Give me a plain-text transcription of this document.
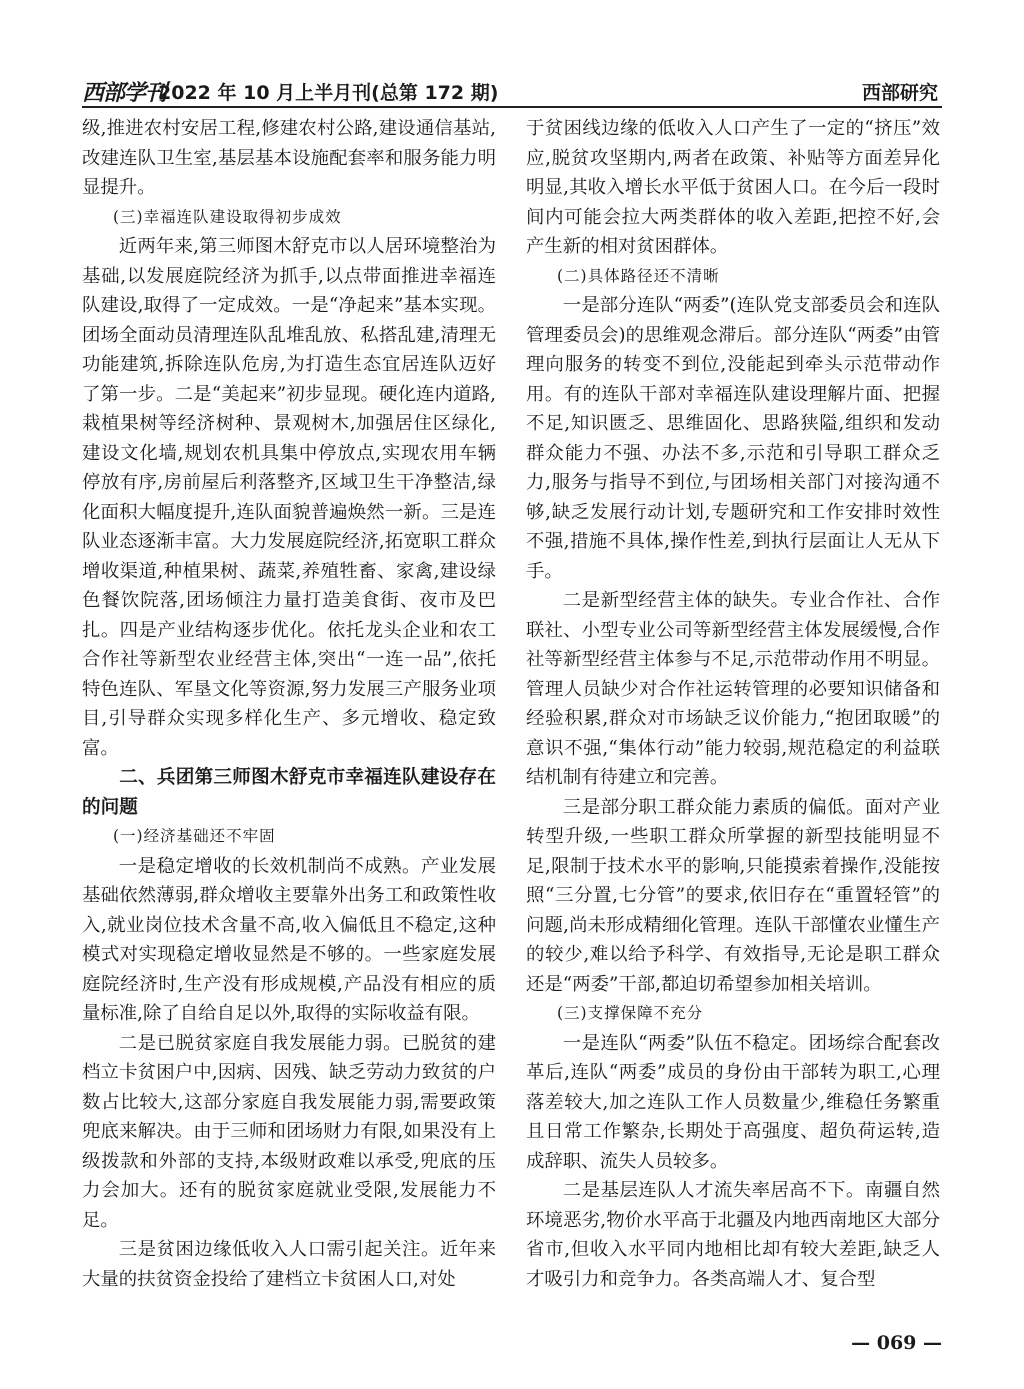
西部学刊
2022 年 10 月上半月刊(总第 172 期)	西部研究

级,推进农村安居工程,修建农村公路,建设通信基站,改建连队卫生室,基层基本设施配套率和服务能力明显提升。

(三)幸福连队建设取得初步成效

近两年来,第三师图木舒克市以人居环境整治为基础,以发展庭院经济为抓手,以点带面推进幸福连队建设,取得了一定成效。一是“净起来”基本实现。团场全面动员清理连队乱堆乱放、私搭乱建,清理无功能建筑,拆除连队危房,为打造生态宜居连队迈好了第一步。二是“美起来”初步显现。硬化连内道路,栽植果树等经济树种、景观树木,加强居住区绿化,建设文化墙,规划农机具集中停放点,实现农用车辆停放有序,房前屋后利落整齐,区域卫生干净整洁,绿化面积大幅度提升,连队面貌普遍焕然一新。三是连队业态逐渐丰富。大力发展庭院经济,拓宽职工群众增收渠道,种植果树、蔬菜,养殖牲畜、家禽,建设绿色餐饮院落,团场倾注力量打造美食街、夜市及巴扎。四是产业结构逐步优化。依托龙头企业和农工合作社等新型农业经营主体,突出“一连一品”,依托特色连队、军垦文化等资源,努力发展三产服务业项目,引导群众实现多样化生产、多元增收、稳定致富。

二、兵团第三师图木舒克市幸福连队建设存在的问题
(一)经济基础还不牢固

一是稳定增收的长效机制尚不成熟。产业发展基础依然薄弱,群众增收主要靠外出务工和政策性收入,就业岗位技术含量不高,收入偏低且不稳定,这种模式对实现稳定增收显然是不够的。一些家庭发展庭院经济时,生产没有形成规模,产品没有相应的质量标准,除了自给自足以外,取得的实际收益有限。

二是已脱贫家庭自我发展能力弱。已脱贫的建档立卡贫困户中,因病、因残、缺乏劳动力致贫的户数占比较大,这部分家庭自我发展能力弱,需要政策兜底来解决。由于三师和团场财力有限,如果没有上级拨款和外部的支持,本级财政难以承受,兜底的压力会加大。还有的脱贫家庭就业受限,发展能力不足。

三是贫困边缘低收入人口需引起关注。近年来大量的扶贫资金投给了建档立卡贫困人口,对处

于贫困线边缘的低收入人口产生了一定的“挤压”效应,脱贫攻坚期内,两者在政策、补贴等方面差异化明显,其收入增长水平低于贫困人口。在今后一段时间内可能会拉大两类群体的收入差距,把控不好,会产生新的相对贫困群体。

(二)具体路径还不清晰

一是部分连队“两委”(连队党支部委员会和连队管理委员会)的思维观念滞后。部分连队“两委”由管理向服务的转变不到位,没能起到牵头示范带动作用。有的连队干部对幸福连队建设理解片面、把握不足,知识匮乏、思维固化、思路狭隘,组织和发动群众能力不强、办法不多,示范和引导职工群众乏力,服务与指导不到位,与团场相关部门对接沟通不够,缺乏发展行动计划,专题研究和工作安排时效性不强,措施不具体,操作性差,到执行层面让人无从下手。

二是新型经营主体的缺失。专业合作社、合作联社、小型专业公司等新型经营主体发展缓慢,合作社等新型经营主体参与不足,示范带动作用不明显。管理人员缺少对合作社运转管理的必要知识储备和经验积累,群众对市场缺乏议价能力,“抱团取暖”的意识不强,“集体行动”能力较弱,规范稳定的利益联结机制有待建立和完善。

三是部分职工群众能力素质的偏低。面对产业转型升级,一些职工群众所掌握的新型技能明显不足,限制于技术水平的影响,只能摸索着操作,没能按照“三分置,七分管”的要求,依旧存在“重置轻管”的问题,尚未形成精细化管理。连队干部懂农业懂生产的较少,难以给予科学、有效指导,无论是职工群众还是“两委”干部,都迫切希望参加相关培训。

(三)支撑保障不充分

一是连队“两委”队伍不稳定。团场综合配套改革后,连队“两委”成员的身份由干部转为职工,心理落差较大,加之连队工作人员数量少,维稳任务繁重且日常工作繁杂,长期处于高强度、超负荷运转,造成辞职、流失人员较多。

二是基层连队人才流失率居高不下。南疆自然环境恶劣,物价水平高于北疆及内地西南地区大部分省市,但收入水平同内地相比却有较大差距,缺乏人才吸引力和竞争力。各类高端人才、复合型

— 069 —
